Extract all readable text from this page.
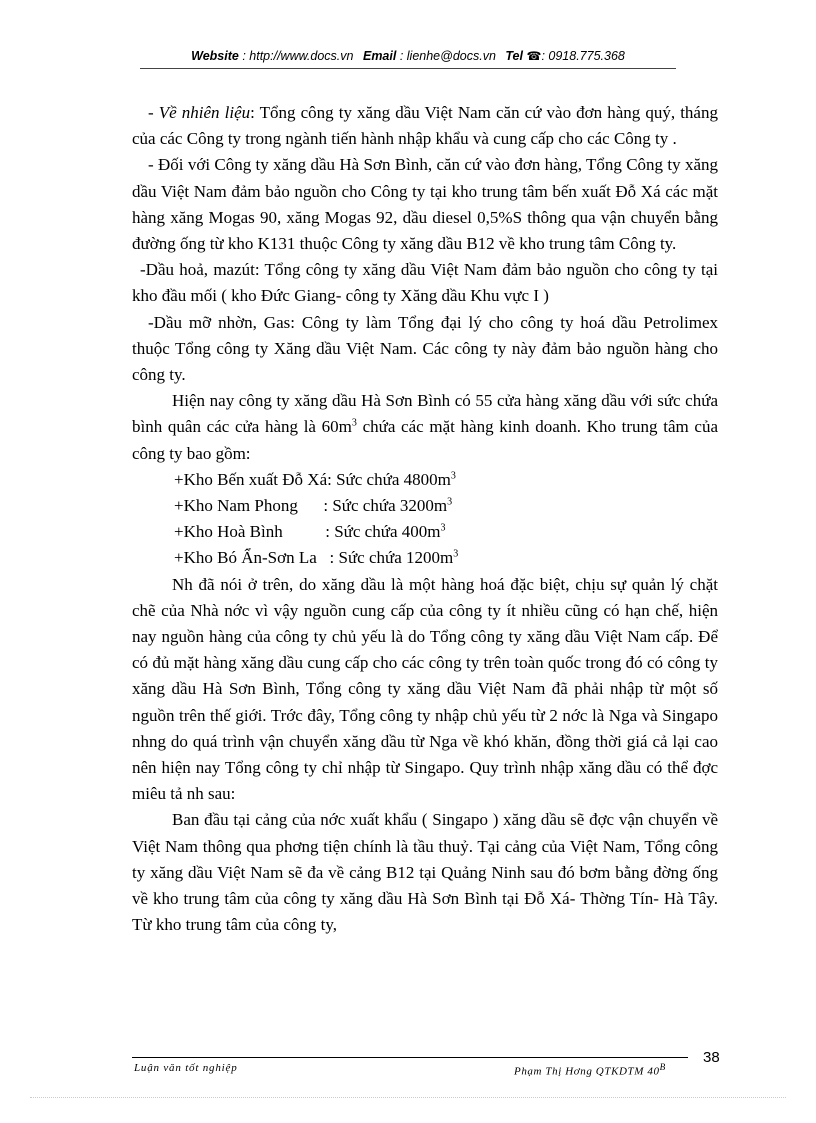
Website : http://www.docs.vn Email : lienhe@docs.vn Tel ☎: 0918.775.368

- Về nhiên liệu: Tổng công ty xăng dầu Việt Nam căn cứ vào đơn hàng quý, tháng của các Công ty trong ngành tiến hành nhập khẩu và cung cấp cho các Công ty .

- Đối với Công ty xăng dầu Hà Sơn Bình, căn cứ vào đơn hàng, Tổng Công ty xăng dầu Việt Nam đảm bảo nguồn cho Công ty tại kho trung tâm bến xuất Đỗ Xá các mặt hàng xăng Mogas 90, xăng Mogas 92, dầu diesel 0,5%S thông qua vận chuyển bằng đường ống từ kho K131 thuộc Công ty xăng dầu B12 về kho trung tâm Công ty.

-Dầu hoả, mazút: Tổng công ty xăng dầu Việt Nam đảm bảo nguồn cho công ty tại kho đầu mối ( kho Đức Giang- công ty Xăng dầu Khu vực I )

-Dầu mỡ nhờn, Gas: Công ty làm Tổng đại lý cho công ty hoá dầu Petrolimex thuộc Tổng công ty Xăng dầu Việt Nam. Các công ty này đảm bảo nguồn hàng cho công ty.

Hiện nay công ty xăng dầu Hà Sơn Bình có 55 cửa hàng xăng dầu với sức chứa bình quân các cửa hàng là $60m^3$ chứa các mặt hàng kinh doanh. Kho trung tâm của công ty bao gồm:

+Kho Bến xuất Đỗ Xá: Sức chứa $4800m^3$

+Kho Nam Phong      : Sức chứa $3200m^3$

+Kho Hoà Bình          : Sức chứa $400m^3$

+Kho Bó Ẩn-Sơn La   : Sức chứa $1200m^3$

Nh đã nói ở trên, do xăng dầu là một hàng hoá đặc biệt, chịu sự quản lý chặt chẽ của Nhà nớc vì vậy nguồn cung cấp của công ty ít nhiều cũng có hạn chế, hiện nay nguồn hàng của công ty chủ yếu là do Tổng công ty xăng dầu Việt Nam cấp. Để có đủ mặt hàng xăng dầu cung cấp cho các công ty trên toàn quốc trong đó có công ty xăng dầu Hà Sơn Bình, Tổng công ty xăng dầu Việt Nam đã phải nhập từ một số nguồn trên thế giới. Trớc đây, Tổng công ty nhập chủ yếu từ 2 nớc là Nga và Singapo nhng do quá trình vận chuyển xăng dầu từ Nga về khó khăn, đồng thời giá cả lại cao nên hiện nay Tổng công ty chỉ nhập từ Singapo. Quy trình nhập xăng dầu có thể đợc miêu tả nh sau:

Ban đầu tại cảng của nớc xuất khẩu ( Singapo ) xăng dầu sẽ đợc vận chuyển về Việt Nam thông qua phơng tiện chính là tầu thuỷ. Tại cảng của Việt Nam, Tổng công ty xăng dầu Việt Nam sẽ đa về cảng B12 tại Quảng Ninh sau đó bơm bằng đờng ống về kho trung tâm của công ty xăng dầu Hà Sơn Bình tại Đỗ Xá- Thờng Tín- Hà Tây. Từ kho trung tâm của công ty,

Luận văn tốt nghiệp	Phạm Thị Hơng QTKDTM $40^B$
38
